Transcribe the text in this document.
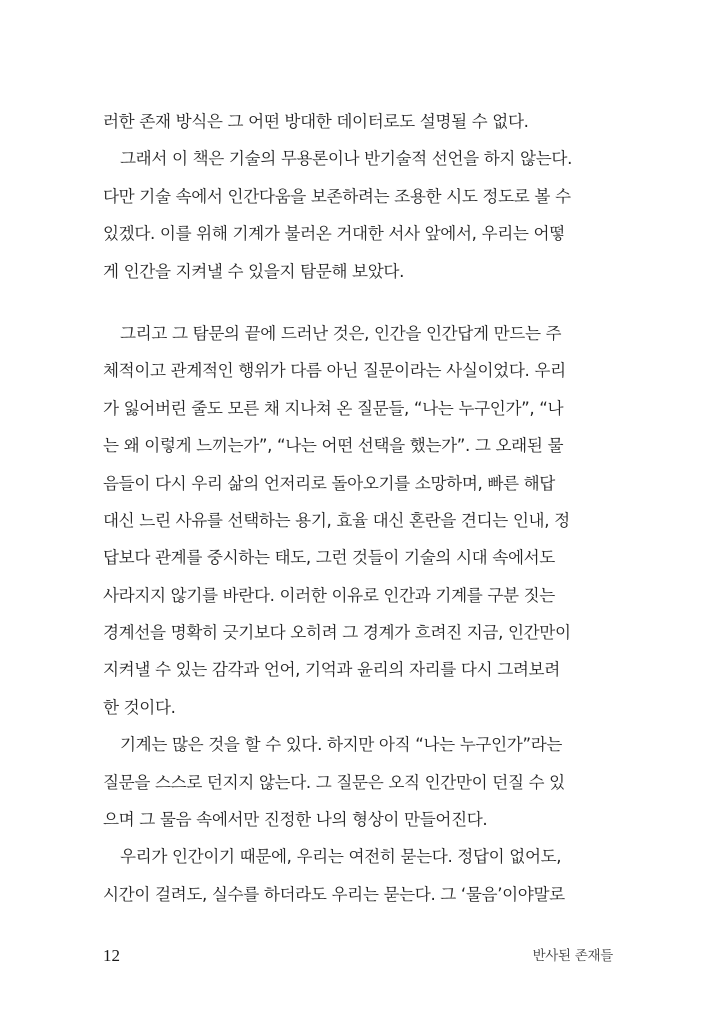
러한 존재 방식은 그 어떤 방대한 데이터로도 설명될 수 없다.
그래서 이 책은 기술의 무용론이나 반기술적 선언을 하지 않는다.
다만 기술 속에서 인간다움을 보존하려는 조용한 시도 정도로 볼 수
있겠다. 이를 위해 기계가 불러온 거대한 서사 앞에서, 우리는 어떻
게 인간을 지켜낼 수 있을지 탐문해 보았다.
그리고 그 탐문의 끝에 드러난 것은, 인간을 인간답게 만드는 주
체적이고 관계적인 행위가 다름 아닌 질문이라는 사실이었다. 우리
가 잃어버린 줄도 모른 채 지나쳐 온 질문들, “나는 누구인가”, “나
는 왜 이렇게 느끼는가”, “나는 어떤 선택을 했는가”. 그 오래된 물
음들이 다시 우리 삶의 언저리로 돌아오기를 소망하며, 빠른 해답
대신 느린 사유를 선택하는 용기, 효율 대신 혼란을 견디는 인내, 정
답보다 관계를 중시하는 태도, 그런 것들이 기술의 시대 속에서도
사라지지 않기를 바란다. 이러한 이유로 인간과 기계를 구분 짓는
경계선을 명확히 긋기보다 오히려 그 경계가 흐려진 지금, 인간만이
지켜낼 수 있는 감각과 언어, 기억과 윤리의 자리를 다시 그려보려
한 것이다.
기계는 많은 것을 할 수 있다. 하지만 아직 “나는 누구인가”라는
질문을 스스로 던지지 않는다. 그 질문은 오직 인간만이 던질 수 있
으며 그 물음 속에서만 진정한 나의 형상이 만들어진다.
우리가 인간이기 때문에, 우리는 여전히 묻는다. 정답이 없어도,
시간이 걸려도, 실수를 하더라도 우리는 묻는다. 그 ‘물음’이야말로
12	반사된 존재들
